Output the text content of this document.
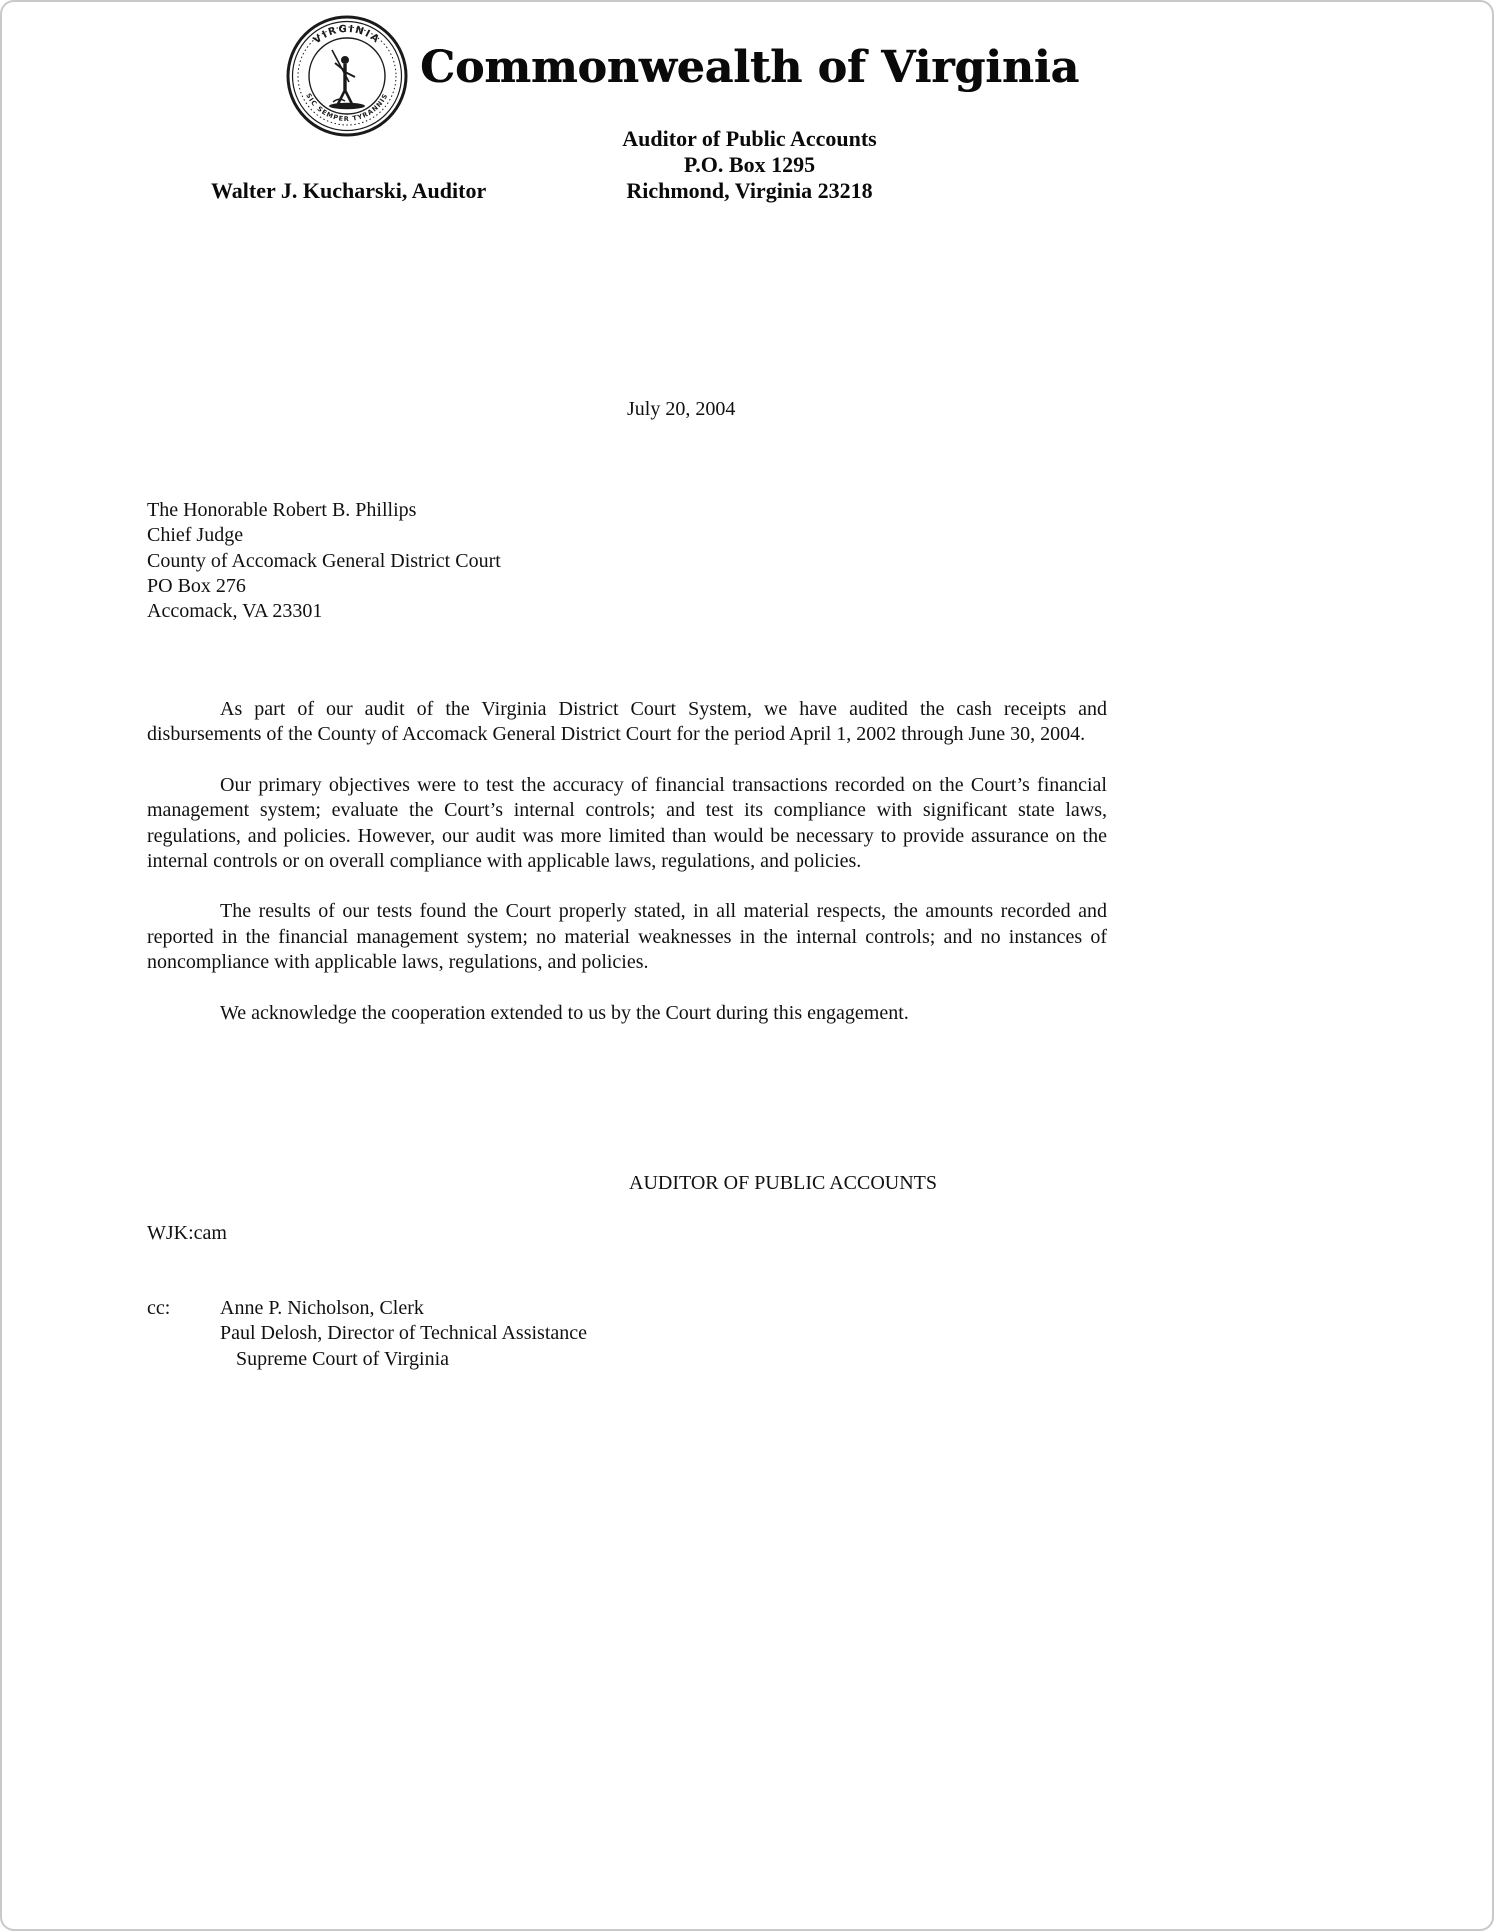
VIRGINIA
SIC SEMPER TYRANNIS
Commonwealth of Virginia
Auditor of Public Accounts
P.O. Box 1295
Richmond, Virginia 23218
Walter J. Kucharski, Auditor
July 20, 2004
The Honorable Robert B. Phillips
Chief Judge
County of Accomack General District Court
PO Box 276
Accomack, VA 23301

As part of our audit of the Virginia District Court System, we have audited the cash receipts and disbursements of the County of Accomack General District Court for the period April 1, 2002 through June 30, 2004.

Our primary objectives were to test the accuracy of financial transactions recorded on the Court’s financial management system; evaluate the Court’s internal controls; and test its compliance with significant state laws, regulations, and policies. However, our audit was more limited than would be necessary to provide assurance on the internal controls or on overall compliance with applicable laws, regulations, and policies.

The results of our tests found the Court properly stated, in all material respects, the amounts recorded and reported in the financial management system; no material weaknesses in the internal controls; and no instances of noncompliance with applicable laws, regulations, and policies.

We acknowledge the cooperation extended to us by the Court during this engagement.

AUDITOR OF PUBLIC ACCOUNTS
WJK:cam
cc:	Anne P. Nicholson, Clerk
Paul Delosh, Director of Technical Assistance
Supreme Court of Virginia
